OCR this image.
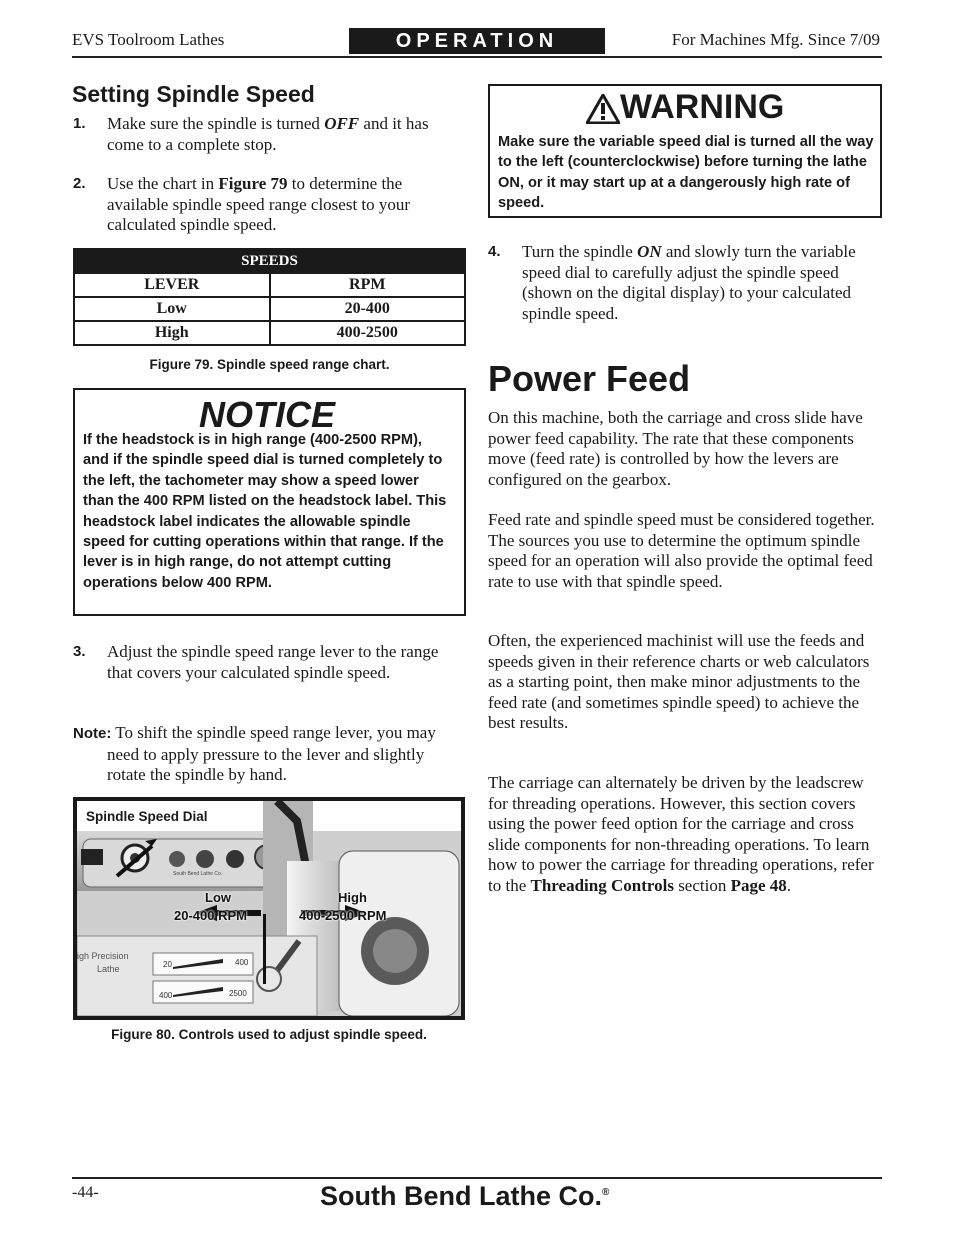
EVS Toolroom Lathes	OPERATION	For Machines Mfg. Since 7/09
Setting Spindle Speed
1. Make sure the spindle is turned OFF and it has come to a complete stop.
2. Use the chart in Figure 79 to determine the available spindle speed range closest to your calculated spindle speed.
SPEEDS	
LEVER	RPM
Low	20-400
High	400-2500
Figure 79. Spindle speed range chart.
NOTICE
If the headstock is in high range (400-2500 RPM), and if the spindle speed dial is turned completely to the left, the tachometer may show a speed lower than the 400 RPM listed on the headstock label. This headstock label indicates the allowable spindle speed for cutting operations within that range. If the lever is in high range, do not attempt cutting operations below 400 RPM.
3. Adjust the spindle speed range lever to the range that covers your calculated spindle speed.
Note: To shift the spindle speed range lever, you may need to apply pressure to the lever and slightly rotate the spindle by hand.
Spindle Speed Dial
Low
20-400 RPM
High
400-2500 RPM
igh Precision
Lathe	20	400
400	2500
South Bend Lathe Co.
Figure 80. Controls used to adjust spindle speed.
WARNING
Make sure the variable speed dial is turned all the way to the left (counterclockwise) before turning the lathe ON, or it may start up at a dangerously high rate of speed.
4. Turn the spindle ON and slowly turn the variable speed dial to carefully adjust the spindle speed (shown on the digital display) to your calculated spindle speed.
Power Feed
On this machine, both the carriage and cross slide have power feed capability. The rate that these components move (feed rate) is controlled by how the levers are configured on the gearbox.
Feed rate and spindle speed must be considered together. The sources you use to determine the optimum spindle speed for an operation will also provide the optimal feed rate to use with that spindle speed.
Often, the experienced machinist will use the feeds and speeds given in their reference charts or web calculators as a starting point, then make minor adjustments to the feed rate (and sometimes spindle speed) to achieve the best results.
The carriage can alternately be driven by the leadscrew for threading operations. However, this section covers using the power feed option for the carriage and cross slide components for non-threading operations. To learn how to power the carriage for threading operations, refer to the Threading Controls section Page 48.
-44-	South Bend Lathe Co.®
